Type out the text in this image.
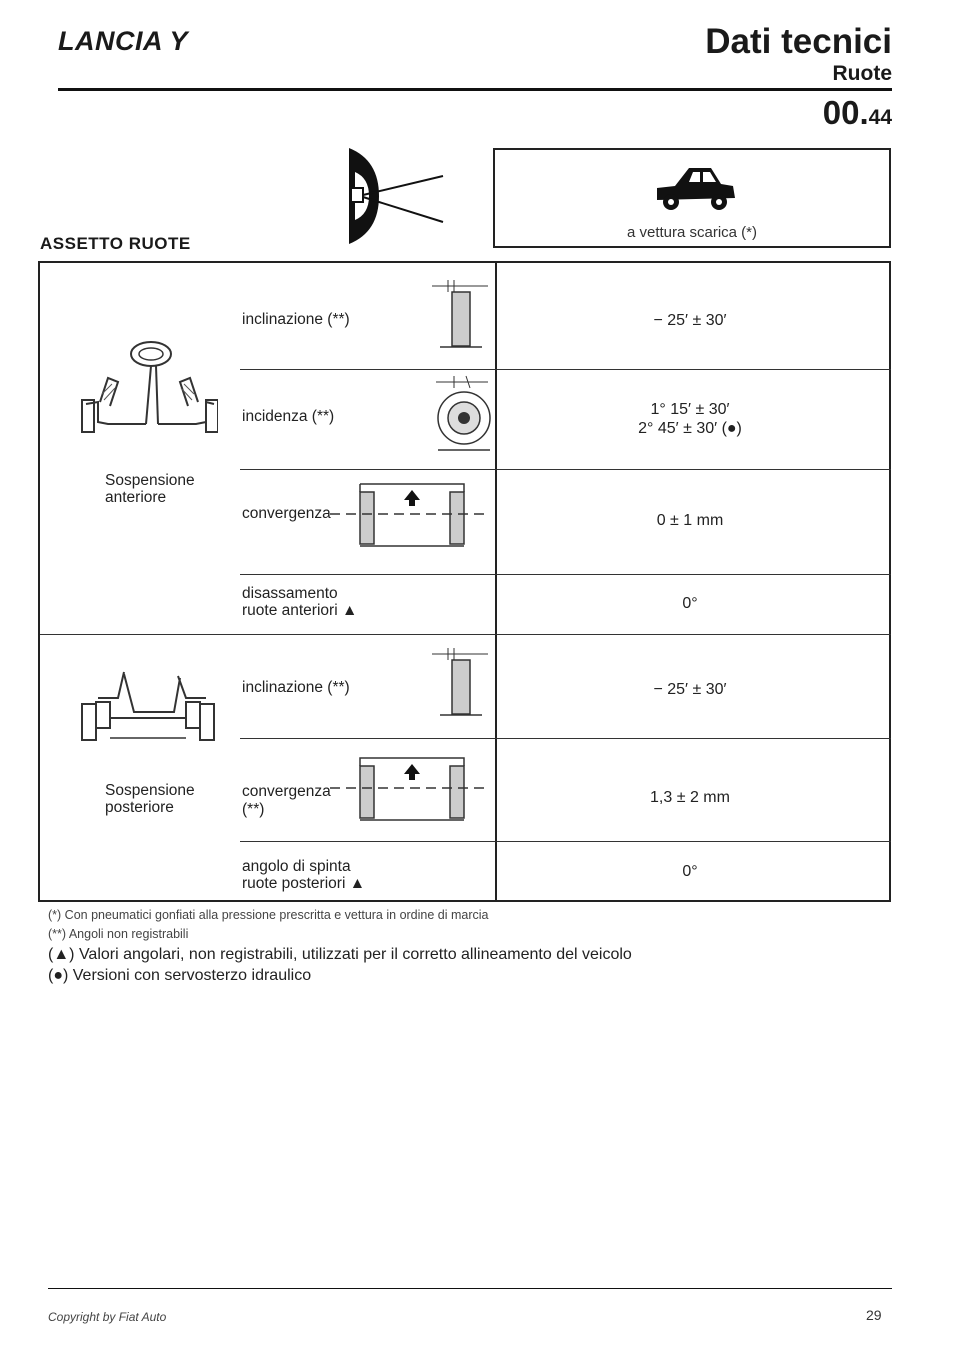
LANCIA Y	Dati tecnici
Ruote
00.44
ASSETTO RUOTE
a vettura scarica (*)
Sospensione
anteriore
Sospensione
posteriore
inclinazione (**)
incidenza (**)
convergenza
disassamento
ruote anteriori ▲
− 25′ ± 30′
1° 15′ ± 30′
2° 45′ ± 30′ (●)
0 ± 1 mm
0°
inclinazione (**)
convergenza
(**)
angolo di spinta
ruote posteriori ▲
− 25′ ± 30′
1,3 ± 2 mm
0°
(*) Con pneumatici gonfiati alla pressione prescritta e vettura in ordine di marcia
(**) Angoli non registrabili
(▲) Valori angolari, non registrabili, utilizzati per il corretto allineamento del veicolo
(●) Versioni con servosterzo idraulico
Copyright by Fiat Auto	29
